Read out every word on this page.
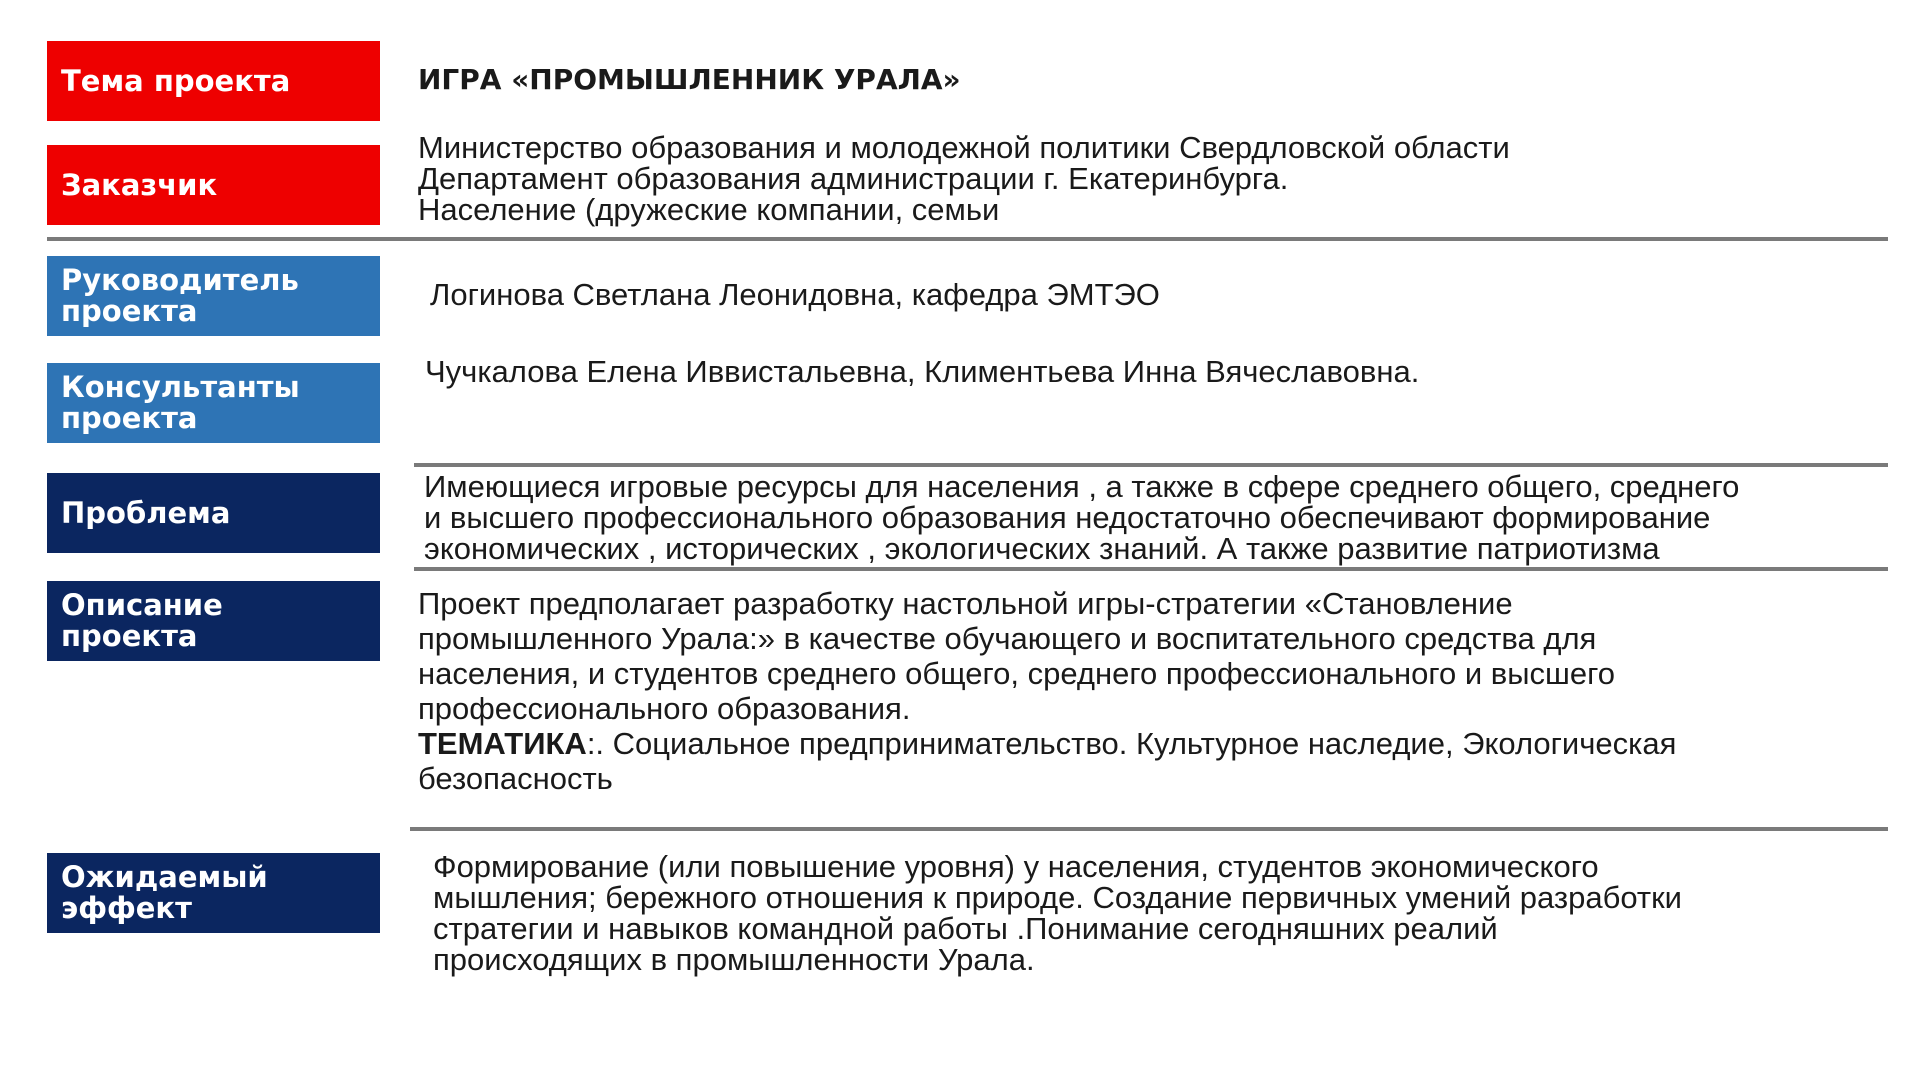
Тема проекта
Заказчик
Руководитель
проекта
Консультанты
проекта
Проблема
Описание
проекта
Ожидаемый
эффект
ИГРА «ПРОМЫШЛЕННИК УРАЛА»
Министерство образования и молодежной политики Свердловской области
Департамент образования администрации г. Екатеринбурга.
Население (дружеские компании, семьи
Логинова Светлана Леонидовна, кафедра ЭМТЭО
Чучкалова Елена Иввистальевна, Климентьева Инна Вячеславовна.
Имеющиеся игровые ресурсы для населения , а также в сфере среднего общего, среднего
и высшего профессионального образования недостаточно обеспечивают формирование
экономических , исторических , экологических знаний. А также развитие патриотизма
Проект предполагает разработку настольной игры-стратегии «Становление
промышленного Урала:» в качестве обучающего и воспитательного средства для
населения, и студентов среднего общего, среднего профессионального и высшего
профессионального образования.
ТЕМАТИКА:. Социальное предпринимательство. Культурное наследие, Экологическая
безопасность
Формирование (или повышение уровня) у населения, студентов экономического
мышления; бережного отношения к природе. Создание первичных умений разработки
стратегии и навыков командной работы .Понимание сегодняшних реалий
происходящих в промышленности Урала.
